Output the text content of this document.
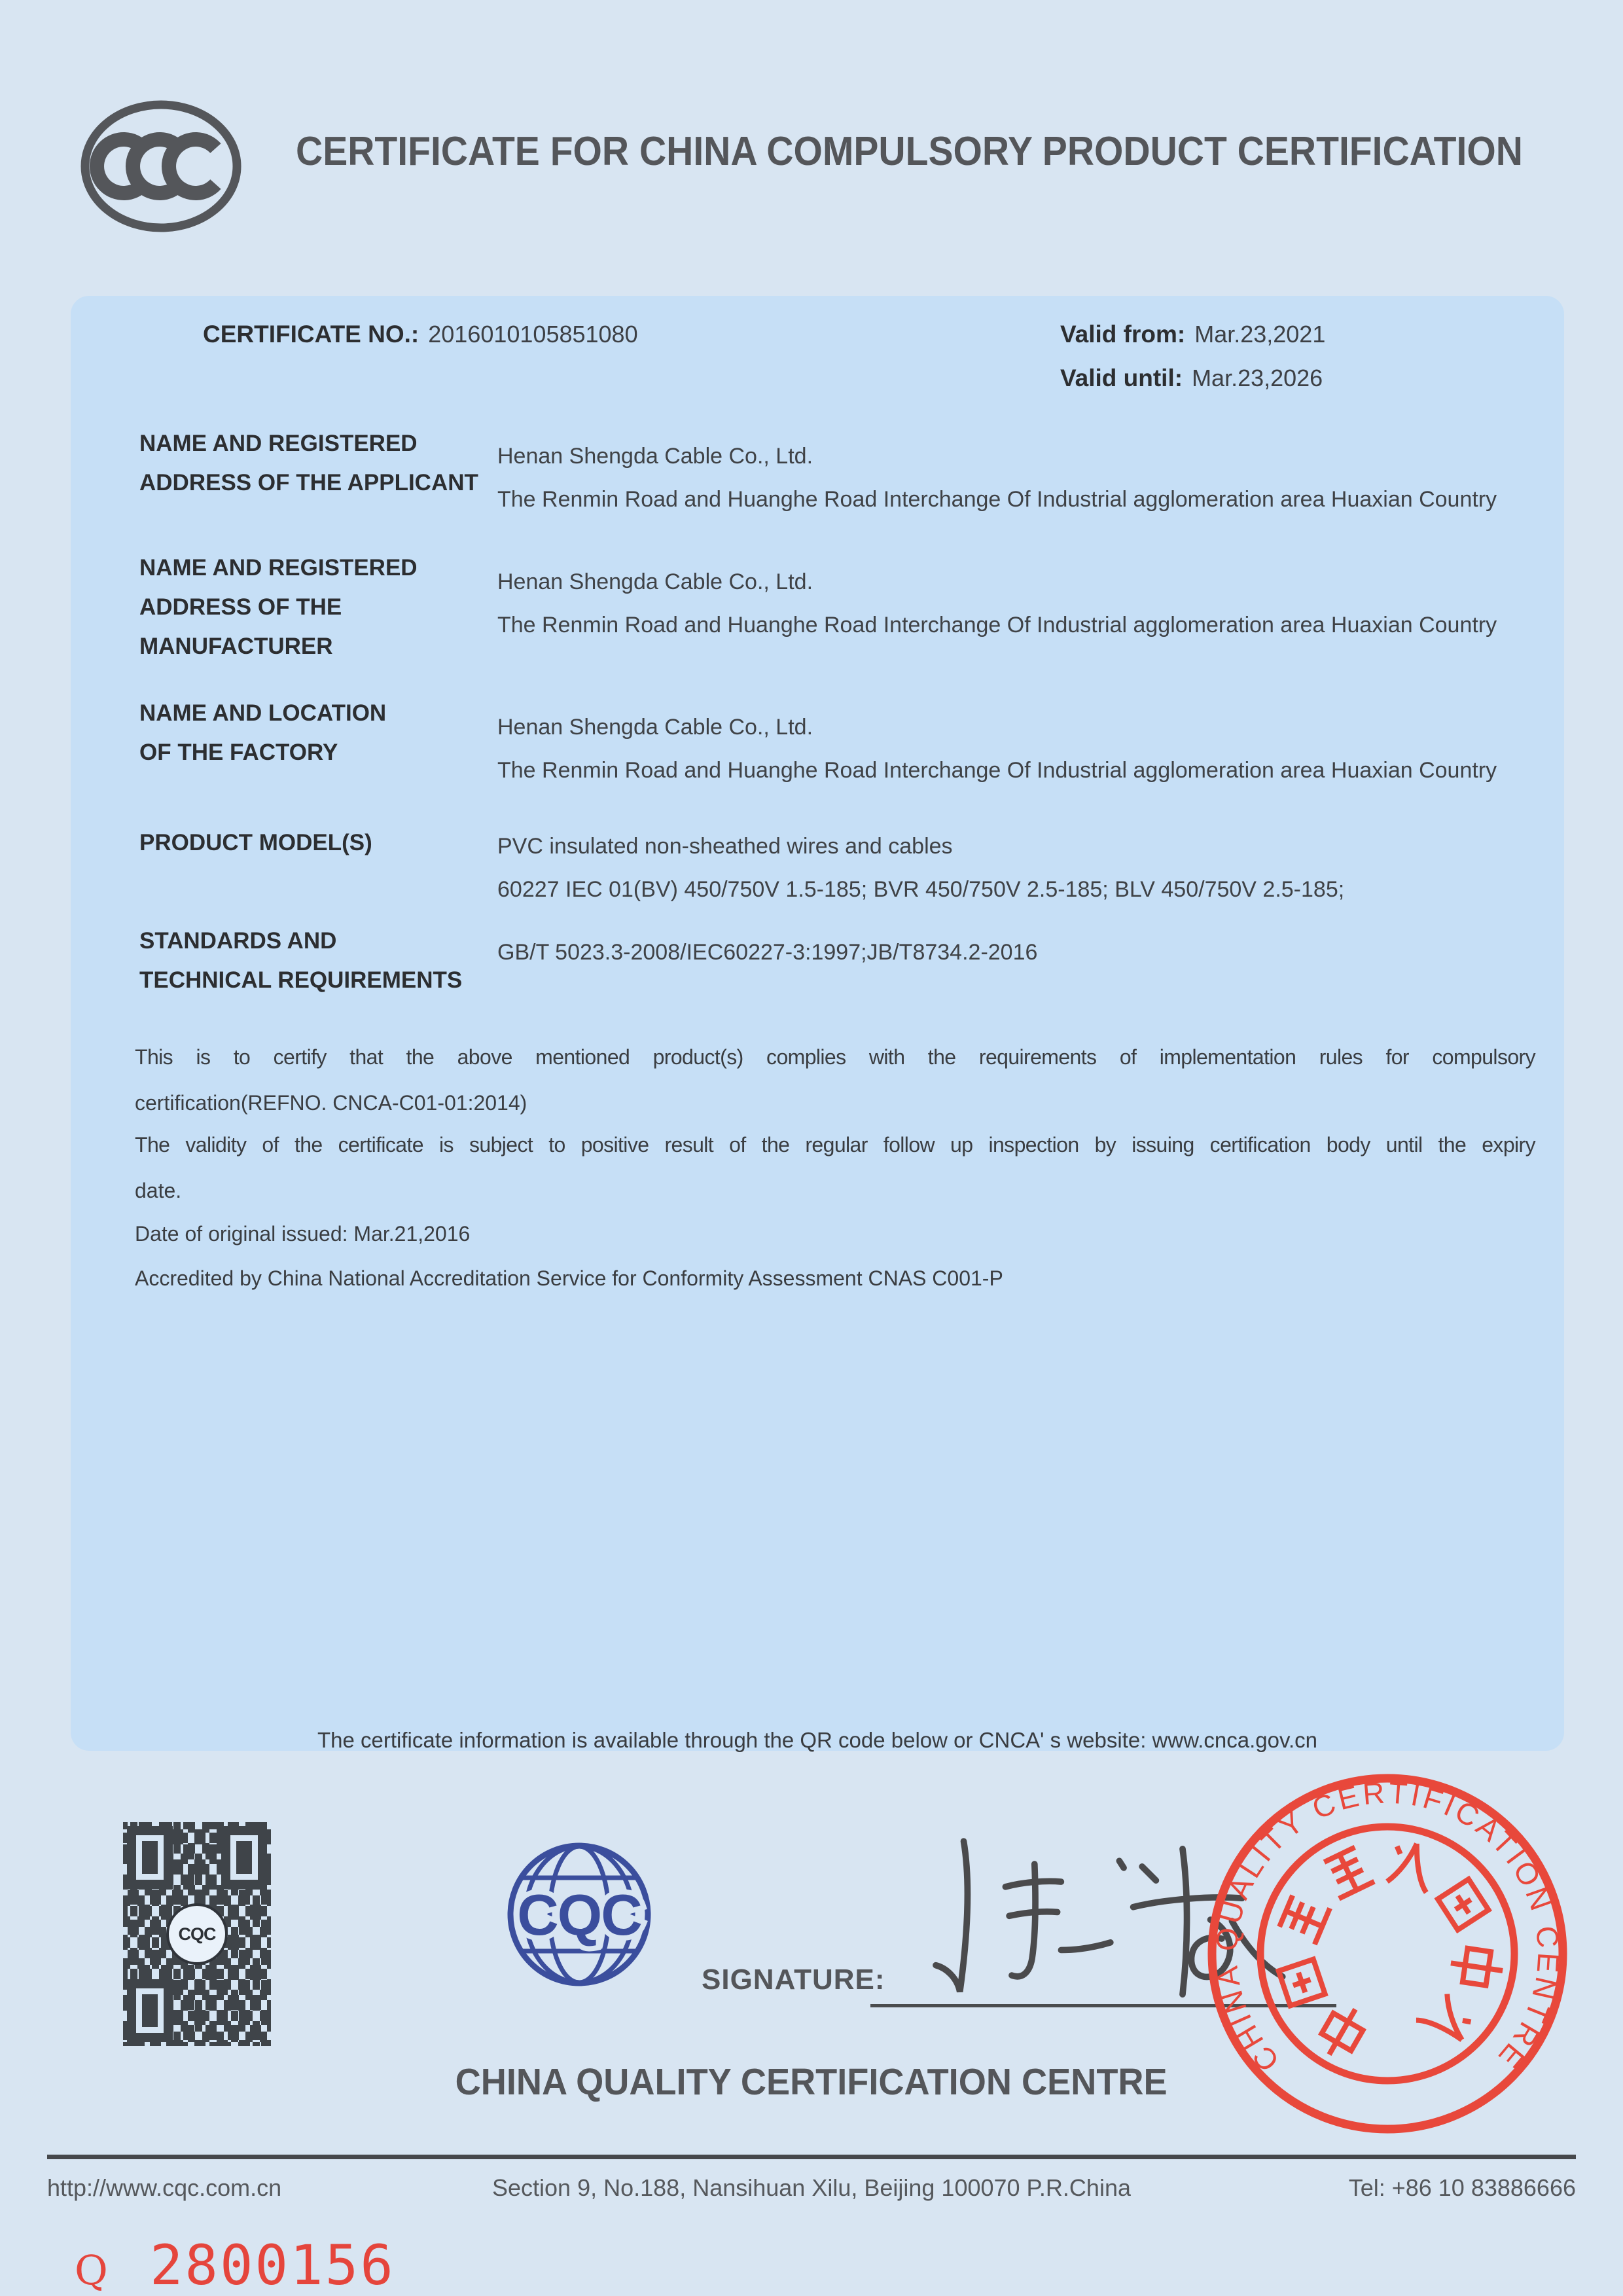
CERTIFICATE FOR CHINA COMPULSORY PRODUCT CERTIFICATION
CERTIFICATE NO.: 2016010105851080	Valid from: Mar.23,2021
Valid until: Mar.23,2026
NAME AND REGISTERED
ADDRESS OF THE APPLICANT
Henan Shengda Cable Co., Ltd.
The Renmin Road and Huanghe Road Interchange Of Industrial agglomeration area Huaxian Country
NAME AND REGISTERED
ADDRESS OF THE
MANUFACTURER
Henan Shengda Cable Co., Ltd.
The Renmin Road and Huanghe Road Interchange Of Industrial agglomeration area Huaxian Country
NAME AND LOCATION
OF THE FACTORY
Henan Shengda Cable Co., Ltd.
The Renmin Road and Huanghe Road Interchange Of Industrial agglomeration area Huaxian Country
PRODUCT MODEL(S)	PVC insulated non-sheathed wires and cables
60227 IEC 01(BV) 450/750V 1.5-185; BVR 450/750V 2.5-185; BLV 450/750V 2.5-185;
STANDARDS AND
TECHNICAL REQUIREMENTS
GB/T 5023.3-2008/IEC60227-3:1997;JB/T8734.2-2016
This is to certify that the above mentioned product(s) complies with the requirements of implementation rules for compulsory
certification(REFNO. CNCA-C01-01:2014)
The validity of the certificate is subject to positive result of the regular follow up inspection by issuing certification body until the expiry
date.
Date of original issued: Mar.21,2016
Accredited by China National Accreditation Service for Conformity Assessment CNAS C001-P
The certificate information is available through the QR code below or CNCA' s website: www.cnca.gov.cn
CQC	CQC
SIGNATURE:
CHINA QUALITY CERTIFICATION CENTRE
CHINA QUALITY CERTIFICATION CENTRE
http://www.cqc.com.cn	Section 9, No.188, Nansihuan Xilu, Beijing 100070 P.R.China	Tel: +86 10 83886666
Q 2800156
